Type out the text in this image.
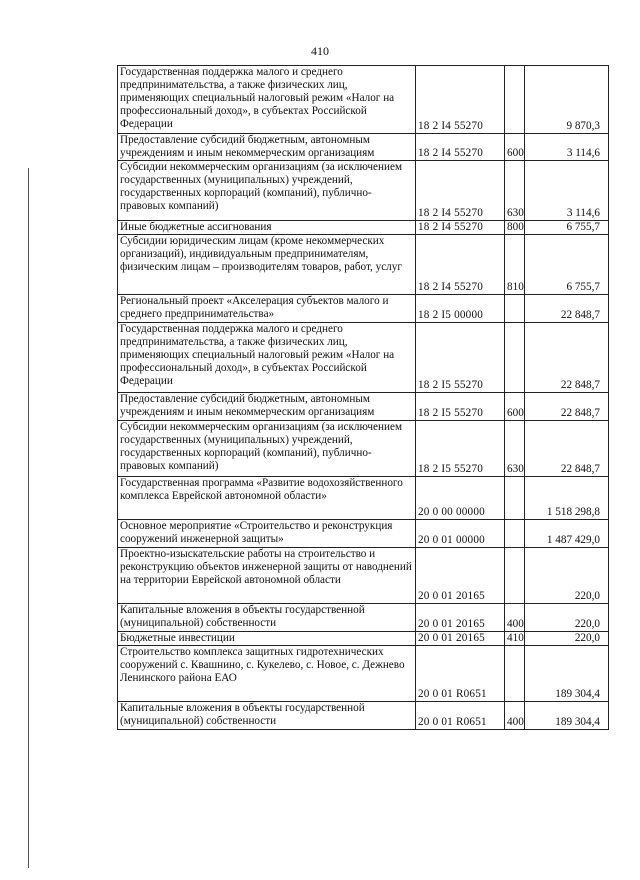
410
Государственная поддержка малого и среднего предпринимательства, а также физических лиц, применяющих специальный налоговый режим «Налог на профессиональный доход», в субъектах Российской Федерации	18 2 I4 55270		9 870,3
Предоставление субсидий бюджетным, автономным учреждениям и иным некоммерческим организациям	18 2 I4 55270	600	3 114,6
Субсидии некоммерческим организациям (за исключением государственных (муниципальных) учреждений, государственных корпораций (компаний), публично-правовых компаний)	18 2 I4 55270	630	3 114,6
Иные бюджетные ассигнования	18 2 I4 55270	800	6 755,7
Субсидии юридическим лицам (кроме некоммерческих организаций), индивидуальным предпринимателям, физическим лицам – производителям товаров, работ, услуг	18 2 I4 55270	810	6 755,7
Региональный проект «Акселерация субъектов малого и среднего предпринимательства»	18 2 I5 00000		22 848,7
Государственная поддержка малого и среднего предпринимательства, а также физических лиц, применяющих специальный налоговый режим «Налог на профессиональный доход», в субъектах Российской Федерации	18 2 I5 55270		22 848,7
Предоставление субсидий бюджетным, автономным учреждениям и иным некоммерческим организациям	18 2 I5 55270	600	22 848,7
Субсидии некоммерческим организациям (за исключением государственных (муниципальных) учреждений, государственных корпораций (компаний), публично-правовых компаний)	18 2 I5 55270	630	22 848,7
Государственная программа «Развитие водохозяйственного комплекса Еврейской автономной области»	20 0 00 00000		1 518 298,8
Основное мероприятие «Строительство и реконструкция сооружений инженерной защиты»	20 0 01 00000		1 487 429,0
Проектно-изыскательские работы на строительство и реконструкцию объектов инженерной защиты от наводнений на территории Еврейской автономной области	20 0 01 20165		220,0
Капитальные вложения в объекты государственной (муниципальной) собственности	20 0 01 20165	400	220,0
Бюджетные инвестиции	20 0 01 20165	410	220,0
Строительство комплекса защитных гидротехнических сооружений с. Квашнино, с. Кукелево, с. Новое, с. Дежнево Ленинского района ЕАО	20 0 01 R0651		189 304,4
Капитальные вложения в объекты государственной (муниципальной) собственности	20 0 01 R0651	400	189 304,4
